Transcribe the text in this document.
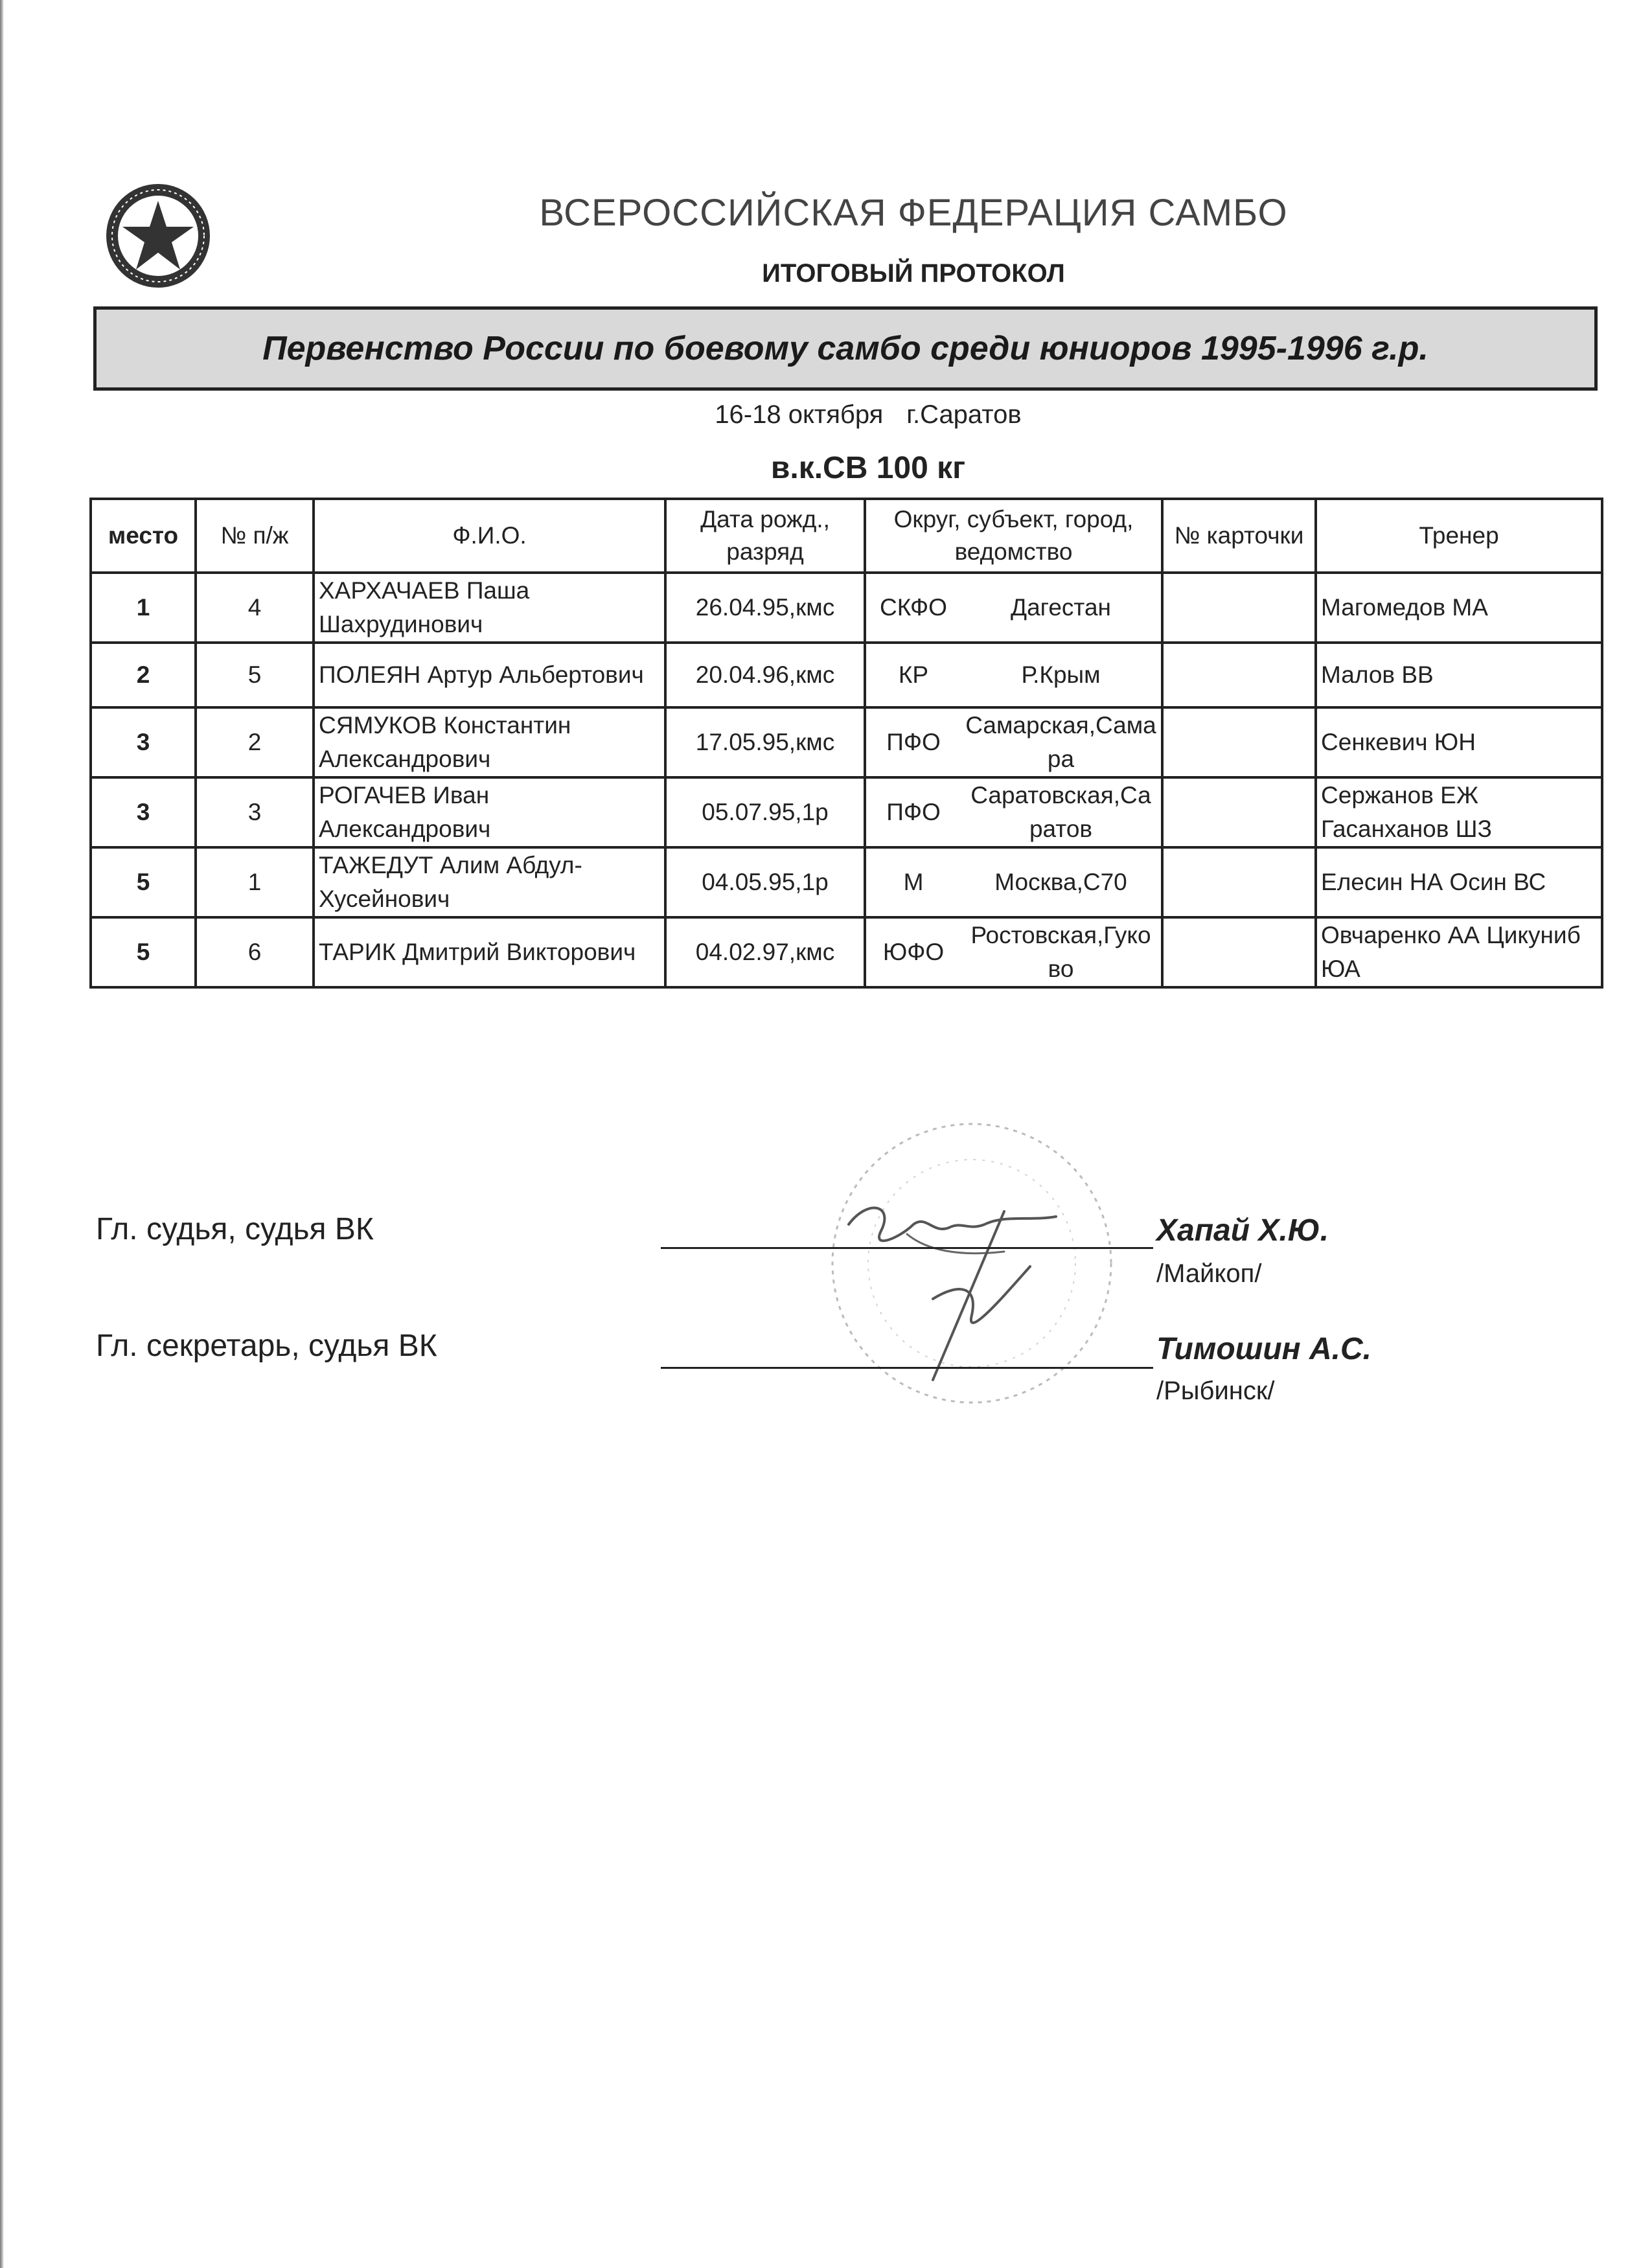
ВСЕРОССИЙСКАЯ ФЕДЕРАЦИЯ САМБО
ИТОГОВЫЙ ПРОТОКОЛ
Первенство России по боевому самбо среди юниоров 1995-1996 г.р.
16-18 октября г.Саратов
в.к.СВ 100 кг
место	№ п/ж	Ф.И.О.	Дата рожд., разряд	Округ, субъект, город, ведомство		№ карточки	Тренер
1	4	ХАРХАЧАЕВ Паша Шахрудинович	26.04.95,кмс	СКФО	Дагестан		Магомедов МА
2	5	ПОЛЕЯН Артур Альбертович	20.04.96,кмс	КР	Р.Крым		Малов ВВ
3	2	СЯМУКОВ Константин Александрович	17.05.95,кмс	ПФО	Самарская,Самара		Сенкевич ЮН
3	3	РОГАЧЕВ Иван Александрович	05.07.95,1р	ПФО	Саратовская,Саратов		Сержанов ЕЖ Гасанханов ШЗ
5	1	ТАЖЕДУТ Алим Абдул-Хусейнович	04.05.95,1р	М	Москва,С70		Елесин НА Осин ВС
5	6	ТАРИК Дмитрий Викторович	04.02.97,кмс	ЮФО	Ростовская,Гуково		Овчаренко АА Цикуниб ЮА
Гл. судья, судья ВК	Хапай Х.Ю.
/Майкоп/
Гл. секретарь, судья ВК	Тимошин А.С.
/Рыбинск/
